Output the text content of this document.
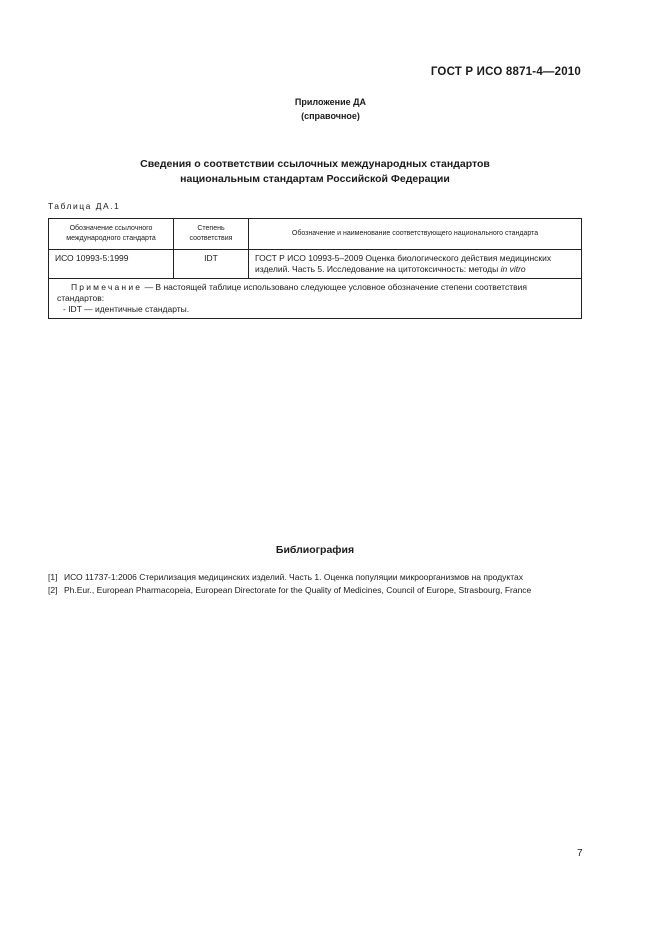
ГОСТ Р ИСО 8871-4—2010
Приложение ДА
(справочное)
Сведения о соответствии ссылочных международных стандартов
национальным стандартам Российской Федерации
Таблица ДА.1
Обозначение ссылочного международного стандарта	Степень соответствия	Обозначение и наименование соответствующего национального стандарта
ИСО 10993-5:1999	IDT	ГОСТ Р ИСО 10993-5–2009 Оценка биологического действия медицинских изделий. Часть 5. Исследование на цитотоксичность: методы in vitro
Примечание — В настоящей таблице использовано следующее условное обозначение степени соответствия стандартов:
- IDT — идентичные стандарты.		
Библиография
[1] ИСО 11737-1:2006 Стерилизация медицинских изделий. Часть 1. Оценка популяции микроорганизмов на продуктах
[2] Ph.Eur., European Pharmacopeia, European Directorate for the Quality of Medicines, Council of Europe, Strasbourg, France
7
